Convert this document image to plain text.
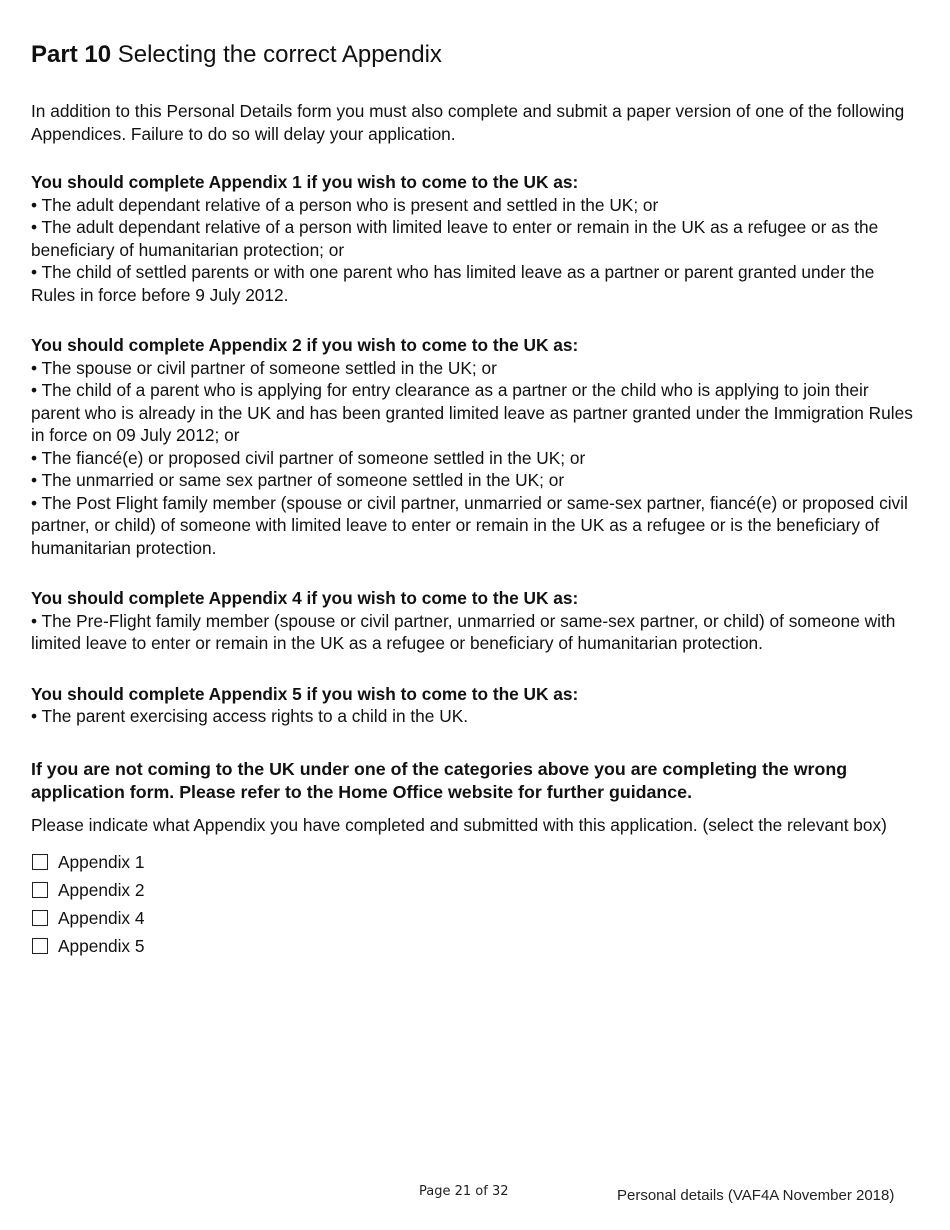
Part 10 Selecting the correct Appendix

In addition to this Personal Details form you must also complete and submit a paper version of one of the following Appendices. Failure to do so will delay your application.

You should complete Appendix 1 if you wish to come to the UK as:

• The adult dependant relative of a person who is present and settled in the UK; or

• The adult dependant relative of a person with limited leave to enter or remain in the UK as a refugee or as the beneficiary of humanitarian protection; or

• The child of settled parents or with one parent who has limited leave as a partner or parent granted under the Rules in force before 9 July 2012.

You should complete Appendix 2 if you wish to come to the UK as:

• The spouse or civil partner of someone settled in the UK; or

• The child of a parent who is applying for entry clearance as a partner or the child who is applying to join their parent who is already in the UK and has been granted limited leave as partner granted under the Immigration Rules in force on 09 July 2012; or

• The fiancé(e) or proposed civil partner of someone settled in the UK; or

• The unmarried or same sex partner of someone settled in the UK; or

• The Post Flight family member (spouse or civil partner, unmarried or same-sex partner, fiancé(e) or proposed civil partner, or child) of someone with limited leave to enter or remain in the UK as a refugee or is the beneficiary of humanitarian protection.

You should complete Appendix 4 if you wish to come to the UK as:

• The Pre-Flight family member (spouse or civil partner, unmarried or same-sex partner, or child) of someone with limited leave to enter or remain in the UK as a refugee or beneficiary of humanitarian protection.

You should complete Appendix 5 if you wish to come to the UK as:

• The parent exercising access rights to a child in the UK.

If you are not coming to the UK under one of the categories above you are completing the wrong application form. Please refer to the Home Office website for further guidance.

Please indicate what Appendix you have completed and submitted with this application. (select the relevant box)

Appendix 1
Appendix 2
Appendix 4
Appendix 5
Page 21 of 32	Personal details (VAF4A November 2018)
